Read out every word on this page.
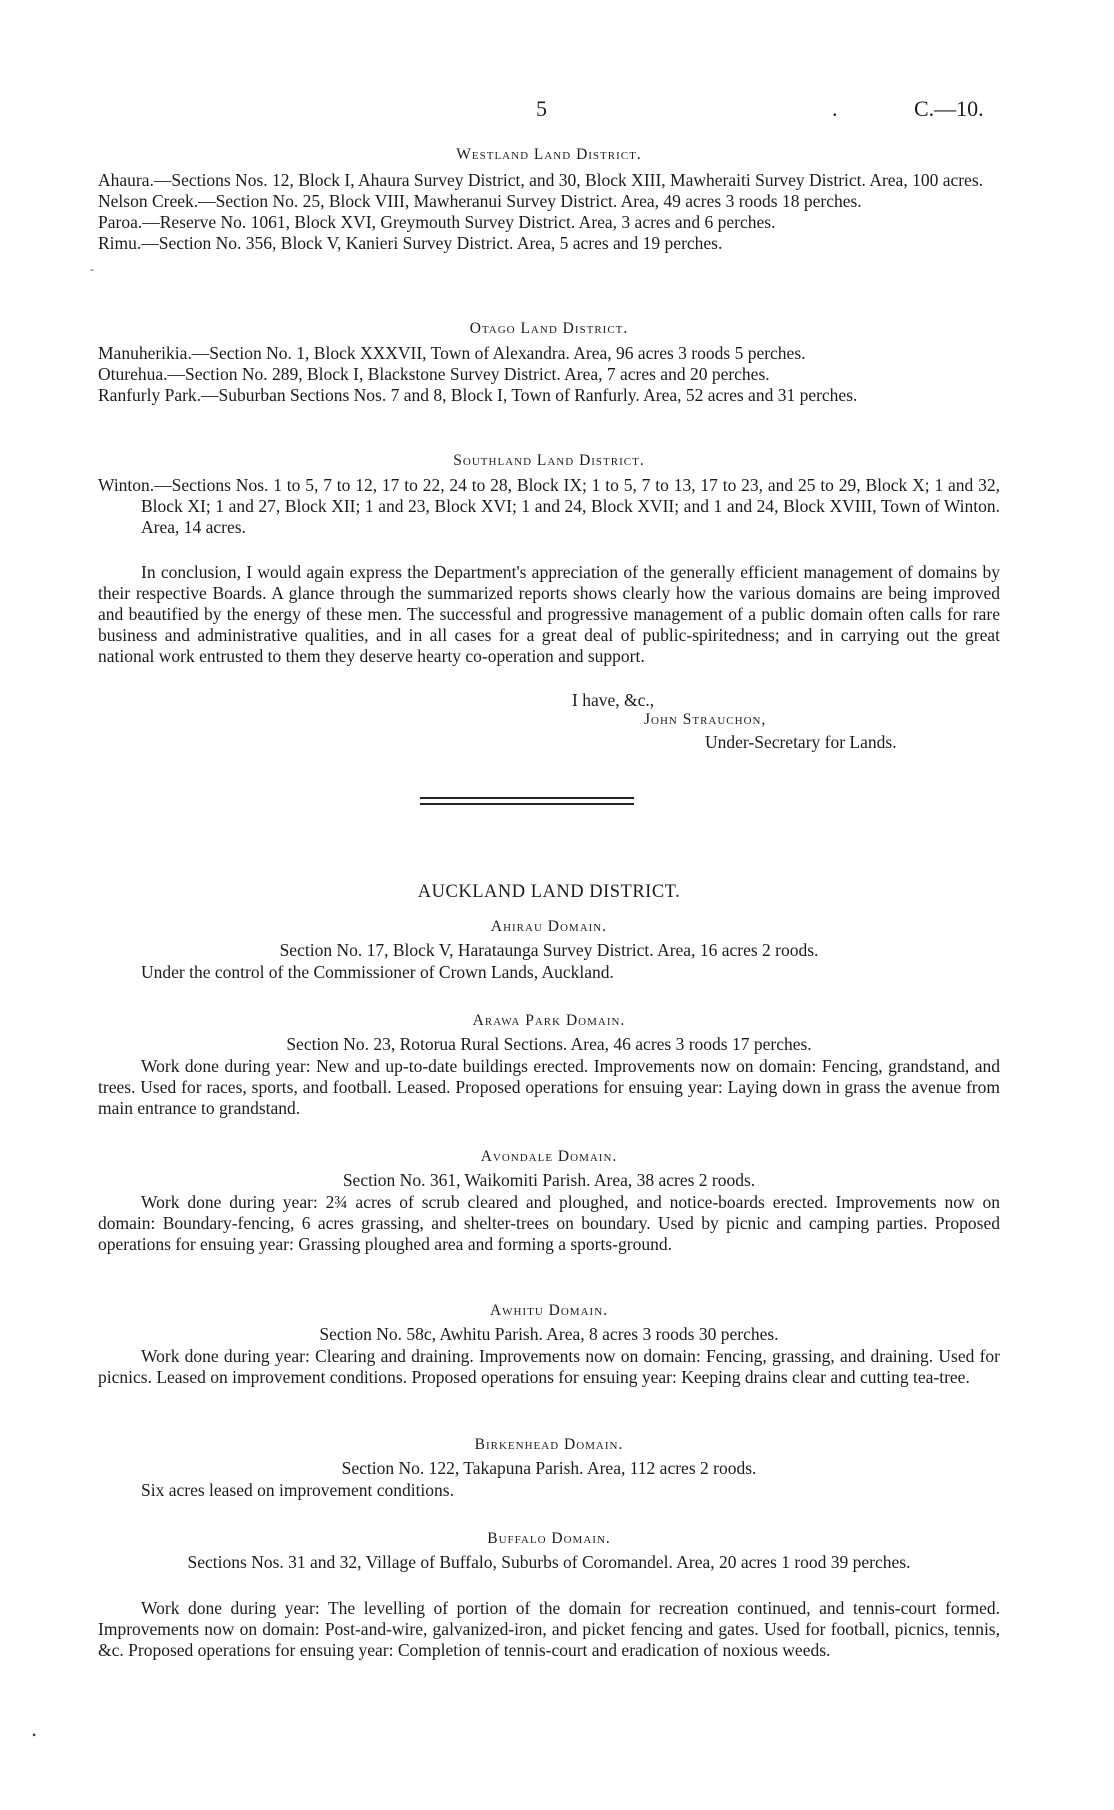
5	.	C.—10.
Westland Land District.
Ahaura.—Sections Nos. 12, Block I, Ahaura Survey District, and 30, Block XIII, Mawheraiti Survey District. Area, 100 acres.
Nelson Creek.—Section No. 25, Block VIII, Mawheranui Survey District. Area, 49 acres 3 roods 18 perches.
Paroa.—Reserve No. 1061, Block XVI, Greymouth Survey District. Area, 3 acres and 6 perches.
Rimu.—Section No. 356, Block V, Kanieri Survey District. Area, 5 acres and 19 perches.
-
Otago Land District.
Manuherikia.—Section No. 1, Block XXXVII, Town of Alexandra. Area, 96 acres 3 roods 5 perches.
Oturehua.—Section No. 289, Block I, Blackstone Survey District. Area, 7 acres and 20 perches.
Ranfurly Park.—Suburban Sections Nos. 7 and 8, Block I, Town of Ranfurly. Area, 52 acres and 31 perches.
Southland Land District.
Winton.—Sections Nos. 1 to 5, 7 to 12, 17 to 22, 24 to 28, Block IX; 1 to 5, 7 to 13, 17 to 23, and 25 to 29, Block X; 1 and 32, Block XI; 1 and 27, Block XII; 1 and 23, Block XVI; 1 and 24, Block XVII; and 1 and 24, Block XVIII, Town of Winton. Area, 14 acres.
In conclusion, I would again express the Department's appreciation of the generally efficient management of domains by their respective Boards. A glance through the summarized reports shows clearly how the various domains are being improved and beautified by the energy of these men. The successful and progressive management of a public domain often calls for rare business and administrative qualities, and in all cases for a great deal of public-spiritedness; and in carrying out the great national work entrusted to them they deserve hearty co-operation and support.
I have, &c.,
John Strauchon,
Under-Secretary for Lands.
AUCKLAND LAND DISTRICT.
Ahirau Domain.
Section No. 17, Block V, Harataunga Survey District. Area, 16 acres 2 roods.
Under the control of the Commissioner of Crown Lands, Auckland.
Arawa Park Domain.
Section No. 23, Rotorua Rural Sections. Area, 46 acres 3 roods 17 perches.
Work done during year: New and up-to-date buildings erected. Improvements now on domain: Fencing, grandstand, and trees. Used for races, sports, and football. Leased. Proposed operations for ensuing year: Laying down in grass the avenue from main entrance to grandstand.
Avondale Domain.
Section No. 361, Waikomiti Parish. Area, 38 acres 2 roods.
Work done during year: 2¾ acres of scrub cleared and ploughed, and notice-boards erected. Improvements now on domain: Boundary-fencing, 6 acres grassing, and shelter-trees on boundary. Used by picnic and camping parties. Proposed operations for ensuing year: Grassing ploughed area and forming a sports-ground.
Awhitu Domain.
Section No. 58c, Awhitu Parish. Area, 8 acres 3 roods 30 perches.
Work done during year: Clearing and draining. Improvements now on domain: Fencing, grassing, and draining. Used for picnics. Leased on improvement conditions. Proposed operations for ensuing year: Keeping drains clear and cutting tea-tree.
Birkenhead Domain.
Section No. 122, Takapuna Parish. Area, 112 acres 2 roods.
Six acres leased on improvement conditions.
Buffalo Domain.
Sections Nos. 31 and 32, Village of Buffalo, Suburbs of Coromandel. Area, 20 acres 1 rood 39 perches.
Work done during year: The levelling of portion of the domain for recreation continued, and tennis-court formed. Improvements now on domain: Post-and-wire, galvanized-iron, and picket fencing and gates. Used for football, picnics, tennis, &c. Proposed operations for ensuing year: Completion of tennis-court and eradication of noxious weeds.
•
